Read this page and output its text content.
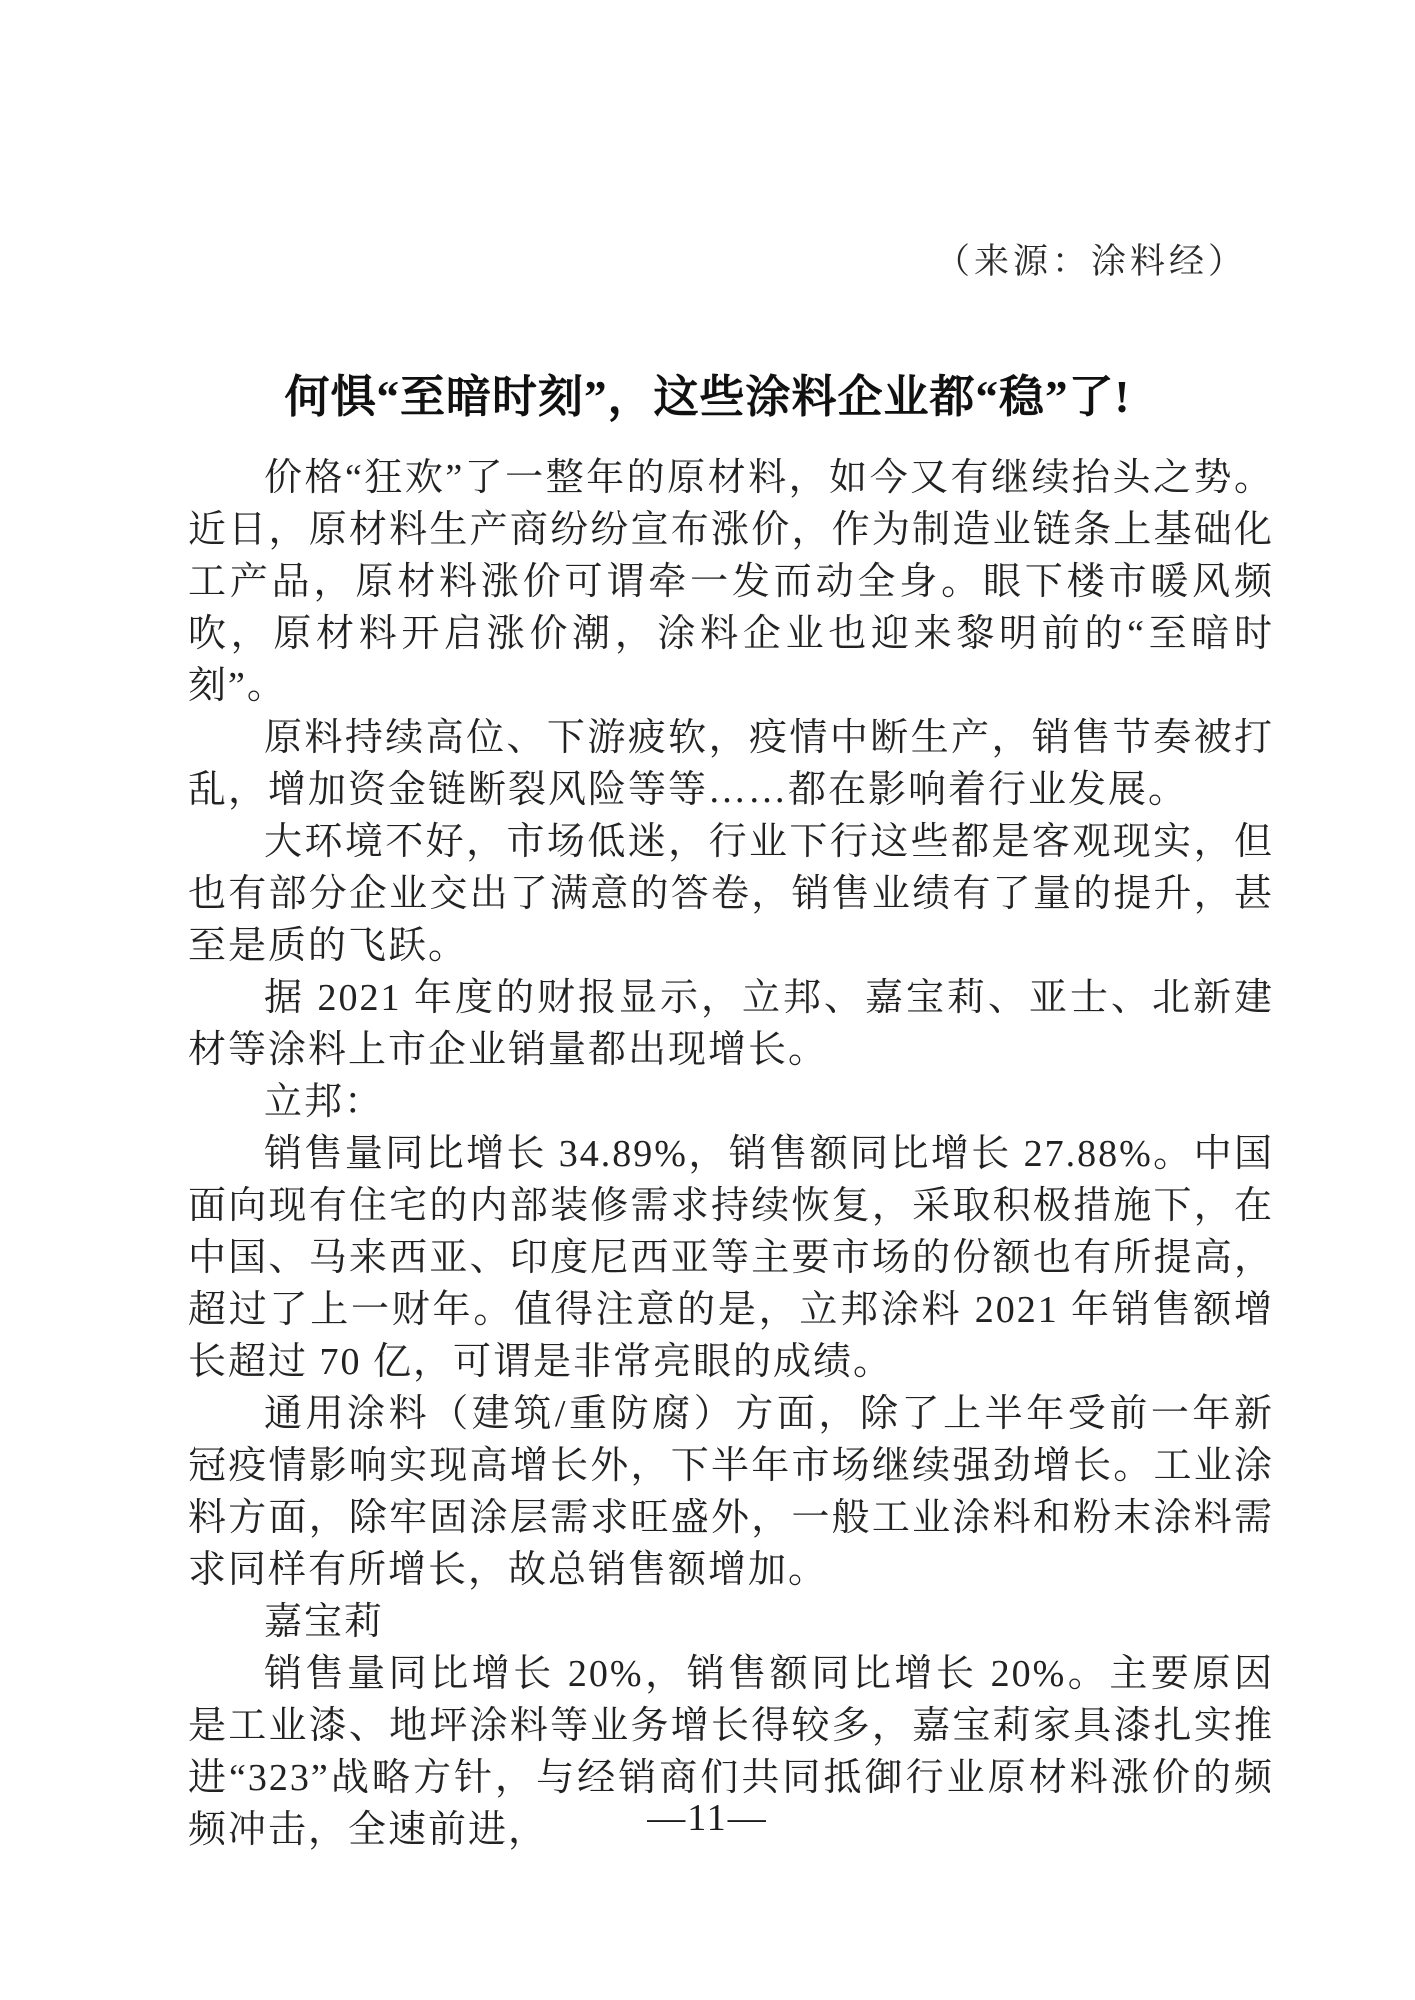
（来源：涂料经）
何惧“至暗时刻”，这些涂料企业都“稳”了!

价格“狂欢”了一整年的原材料，如今又有继续抬头之势。近日，原材料生产商纷纷宣布涨价，作为制造业链条上基础化工产品，原材料涨价可谓牵一发而动全身。眼下楼市暖风频吹，原材料开启涨价潮，涂料企业也迎来黎明前的“至暗时刻”。

原料持续高位、下游疲软，疫情中断生产，销售节奏被打乱，增加资金链断裂风险等等……都在影响着行业发展。

大环境不好，市场低迷，行业下行这些都是客观现实，但也有部分企业交出了满意的答卷，销售业绩有了量的提升，甚至是质的飞跃。

据 2021 年度的财报显示，立邦、嘉宝莉、亚士、北新建材等涂料上市企业销量都出现增长。

立邦：

销售量同比增长 34.89%，销售额同比增长 27.88%。中国面向现有住宅的内部装修需求持续恢复，采取积极措施下，在中国、马来西亚、印度尼西亚等主要市场的份额也有所提高，超过了上一财年。值得注意的是，立邦涂料 2021 年销售额增长超过 70 亿，可谓是非常亮眼的成绩。

通用涂料（建筑/重防腐）方面，除了上半年受前一年新冠疫情影响实现高增长外，下半年市场继续强劲增长。工业涂料方面，除牢固涂层需求旺盛外，一般工业涂料和粉末涂料需求同样有所增长，故总销售额增加。

嘉宝莉

销售量同比增长 20%，销售额同比增长 20%。主要原因是工业漆、地坪涂料等业务增长得较多，嘉宝莉家具漆扎实推进“323”战略方针，与经销商们共同抵御行业原材料涨价的频频冲击，全速前进，	—11—
